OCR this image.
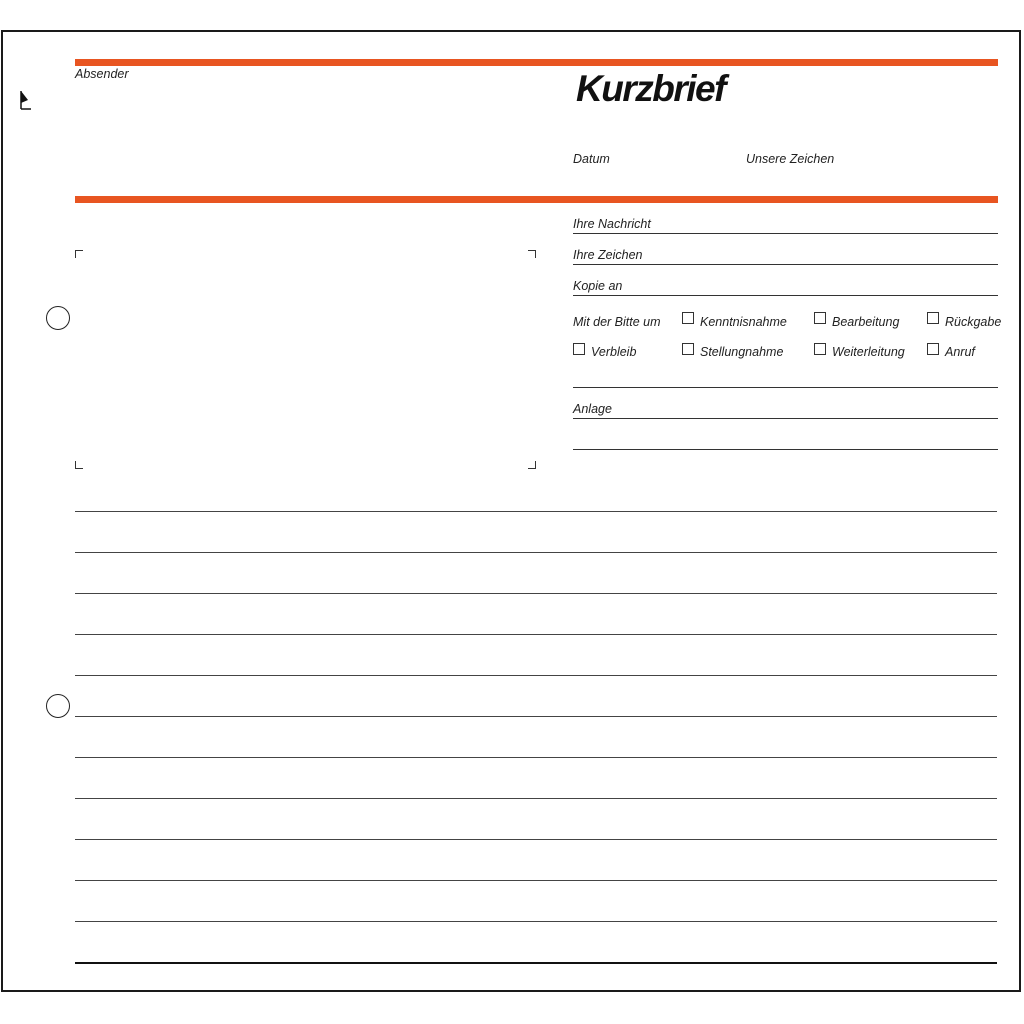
Absender	Kurzbrief
Datum	Unsere Zeichen
Ihre Nachricht
Ihre Zeichen
Kopie an
Mit der Bitte um	Kenntnisnahme	Bearbeitung	Rückgabe
Verbleib	Stellungnahme	Weiterleitung	Anruf
Anlage
